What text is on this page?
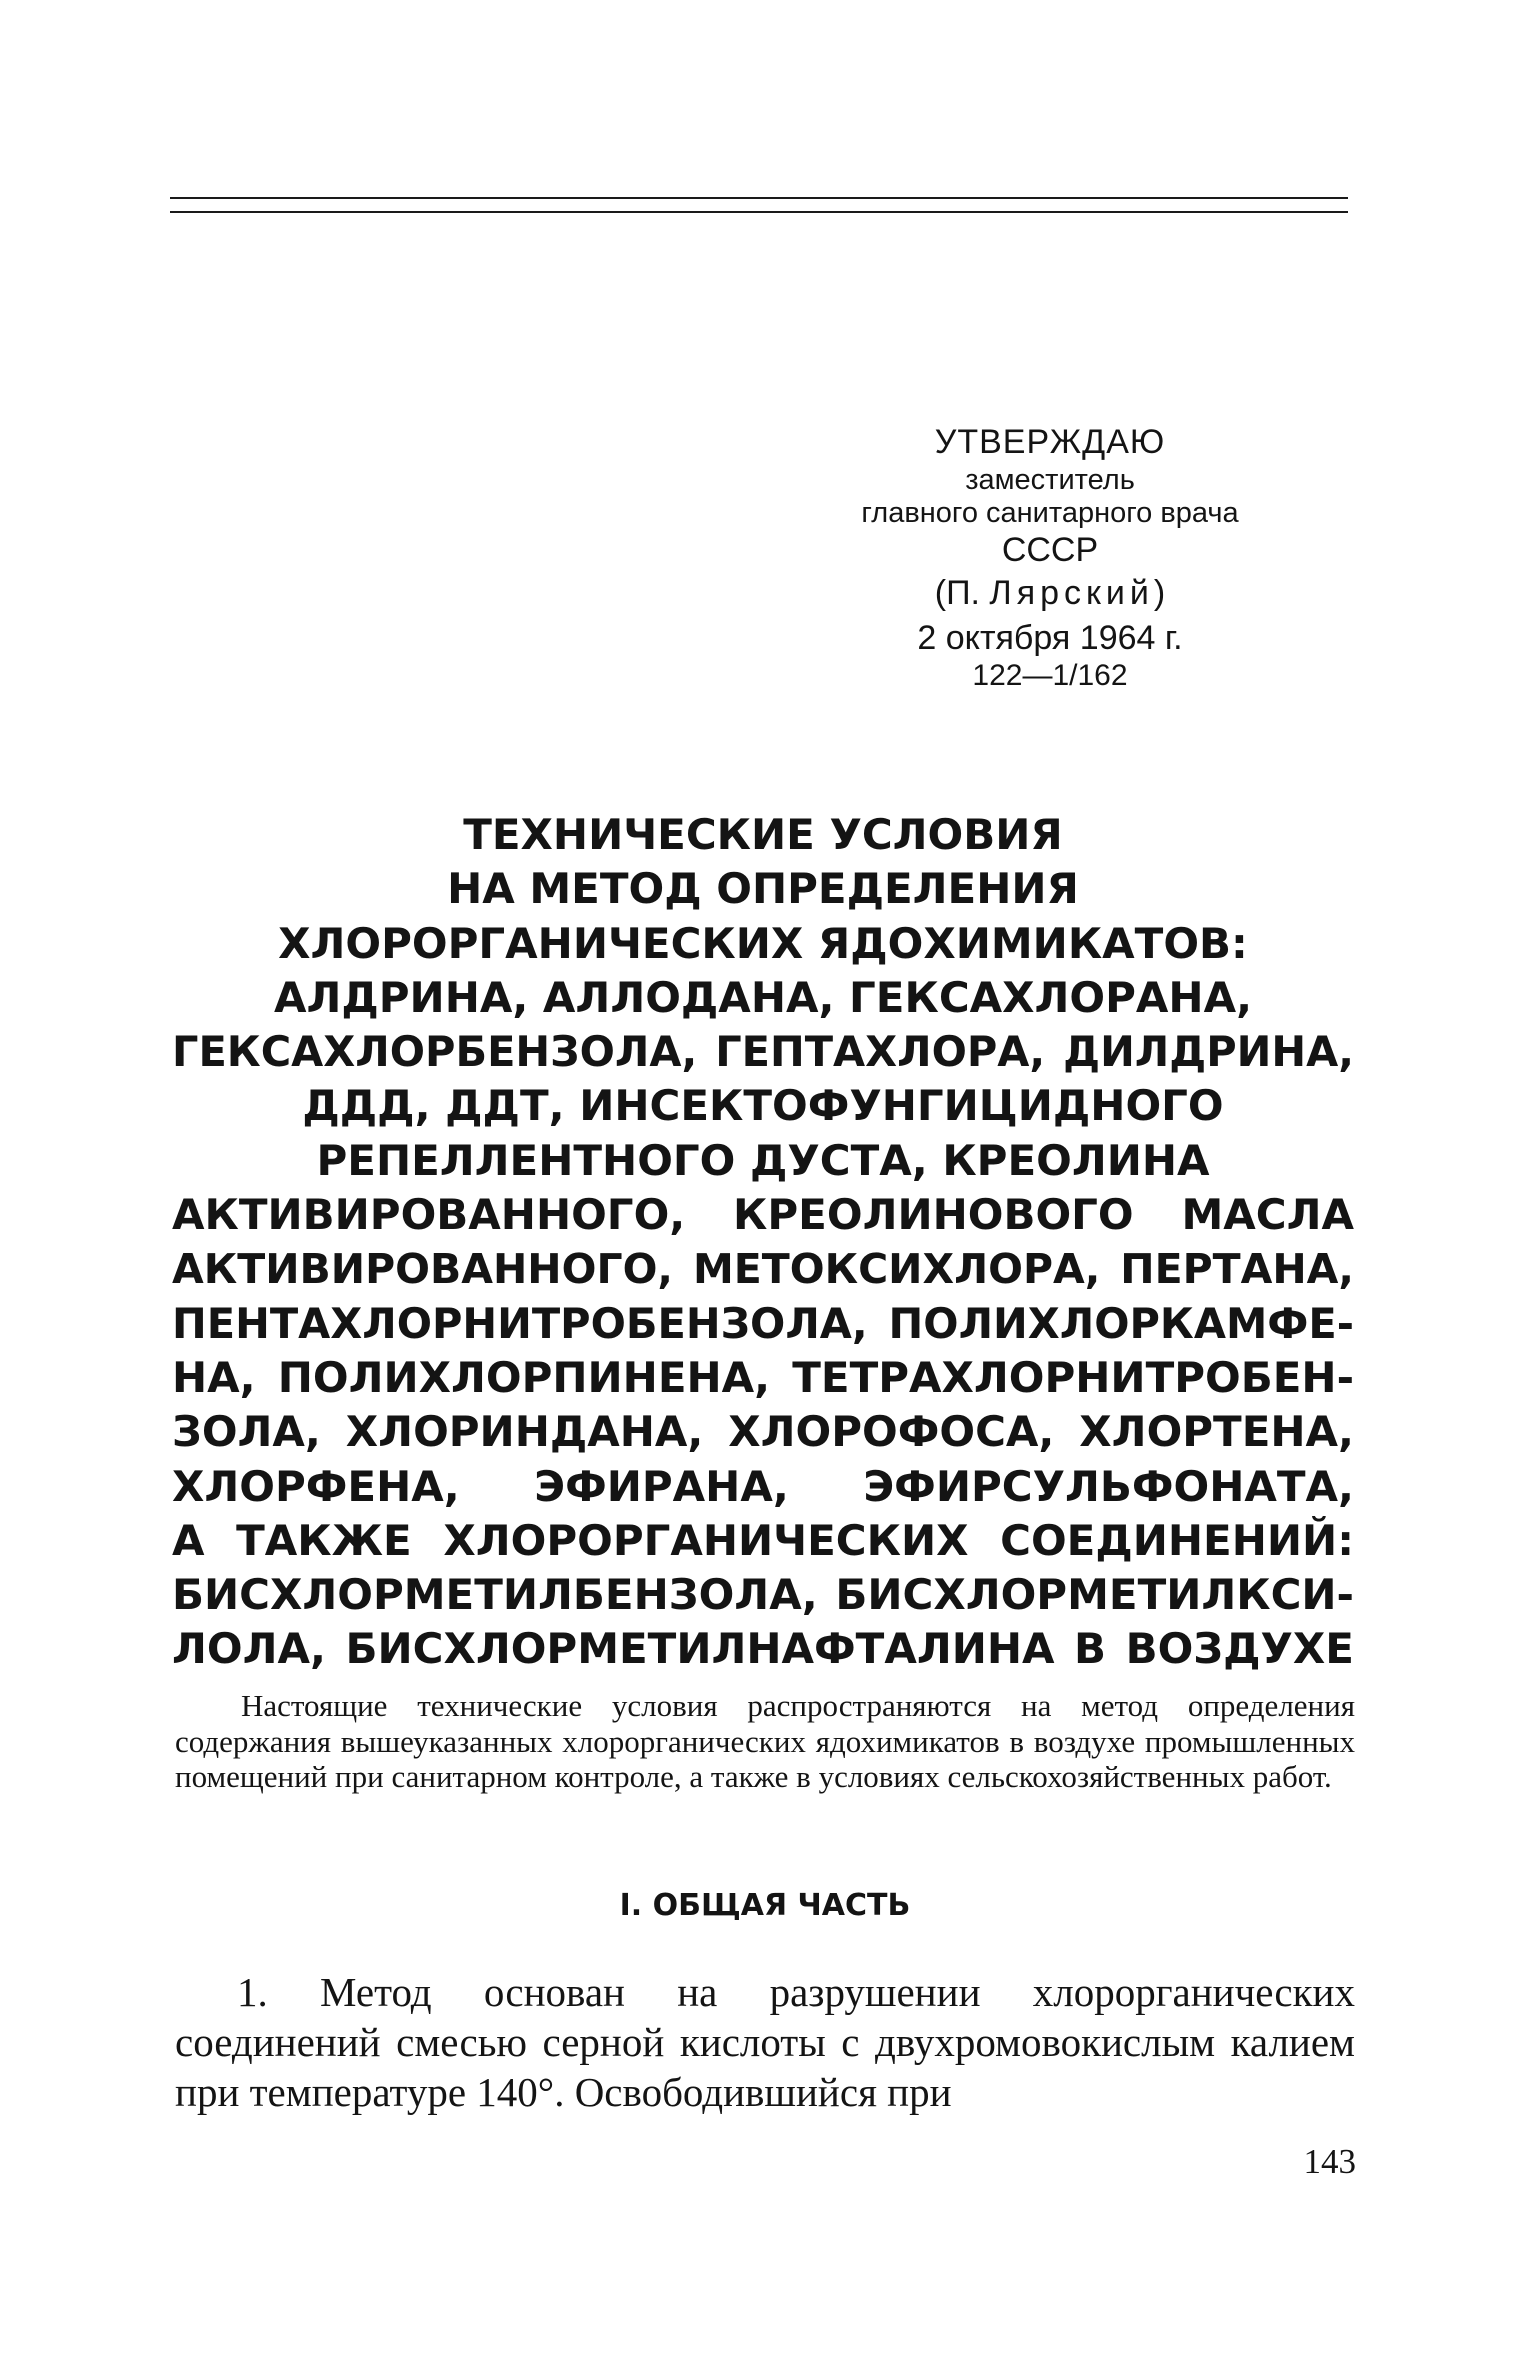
УТВЕРЖДАЮ
заместитель
главного санитарного врача
СССР
(П. Лярский)
2 октября 1964 г.
122—1/162
ТЕХНИЧЕСКИЕ УСЛОВИЯ
НА МЕТОД ОПРЕДЕЛЕНИЯ
ХЛОРОРГАНИЧЕСКИХ ЯДОХИМИКАТОВ:
АЛДРИНА, АЛЛОДАНА, ГЕКСАХЛОРАНА,
ГЕКСАХЛОРБЕНЗОЛА, ГЕПТАХЛОРА, ДИЛДРИНА,
ДДД, ДДТ, ИНСЕКТОФУНГИЦИДНОГО
РЕПЕЛЛЕНТНОГО ДУСТА, КРЕОЛИНА
АКТИВИРОВАННОГО, КРЕОЛИНОВОГО МАСЛА
АКТИВИРОВАННОГО, МЕТОКСИХЛОРА, ПЕРТАНА,
ПЕНТАХЛОРНИТРОБЕНЗОЛА, ПОЛИХЛОРКАМФЕ-
НА, ПОЛИХЛОРПИНЕНА, ТЕТРАХЛОРНИТРОБЕН-
ЗОЛА, ХЛОРИНДАНА, ХЛОРОФОСА, ХЛОРТЕНА,
ХЛОРФЕНА, ЭФИРАНА, ЭФИРСУЛЬФОНАТА,
А ТАКЖЕ ХЛОРОРГАНИЧЕСКИХ СОЕДИНЕНИЙ:
БИСХЛОРМЕТИЛБЕНЗОЛА, БИСХЛОРМЕТИЛКСИ-
ЛОЛА, БИСХЛОРМЕТИЛНАФТАЛИНА В ВОЗДУХЕ

Настоящие технические условия распространяются на метод определения содержания вышеуказанных хлорорганических ядохимикатов в воздухе промышленных помещений при санитарном контроле, а также в условиях сельскохозяйственных работ.

I. ОБЩАЯ ЧАСТЬ

1. Метод основан на разрушении хлорорганических соединений смесью серной кислоты с двухромовокислым калием при температуре 140°. Освободившийся при

143
